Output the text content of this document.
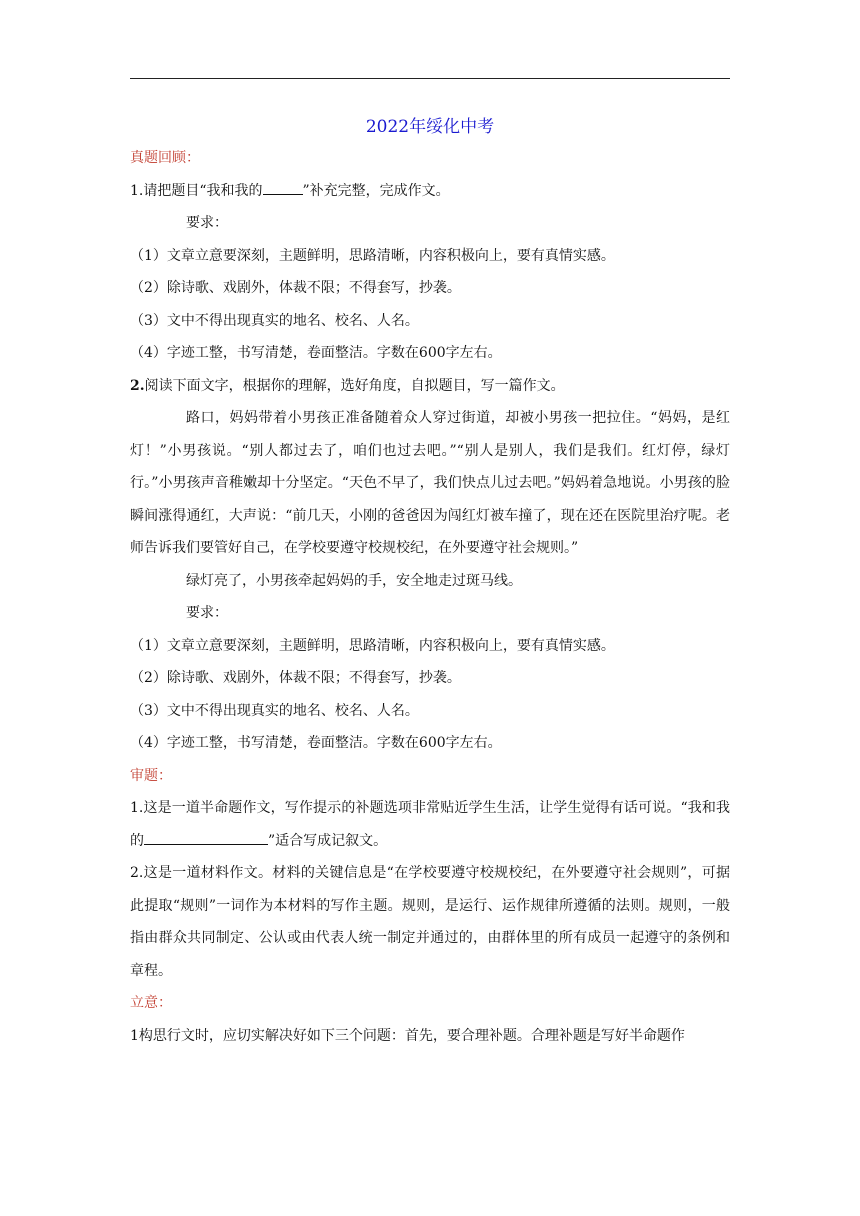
2022年绥化中考

真题回顾：

1.请把题目“我和我的	”补充完整，完成作文。

要求：

（1）文章立意要深刻，主题鲜明，思路清晰，内容积极向上，要有真情实感。

（2）除诗歌、戏剧外，体裁不限；不得套写，抄袭。

（3）文中不得出现真实的地名、校名、人名。

（4）字迹工整，书写清楚，卷面整洁。字数在600字左右。

2.阅读下面文字，根据你的理解，选好角度，自拟题目，写一篇作文。

路口，妈妈带着小男孩正准备随着众人穿过街道，却被小男孩一把拉住。“妈妈，是红灯！”小男孩说。“别人都过去了，咱们也过去吧。”“别人是别人，我们是我们。红灯停，绿灯行。”小男孩声音稚嫩却十分坚定。“天色不早了，我们快点儿过去吧。”妈妈着急地说。小男孩的脸瞬间涨得通红，大声说：“前几天，小刚的爸爸因为闯红灯被车撞了，现在还在医院里治疗呢。老师告诉我们要管好自己，在学校要遵守校规校纪，在外要遵守社会规则。”

绿灯亮了，小男孩牵起妈妈的手，安全地走过斑马线。

要求：

（1）文章立意要深刻，主题鲜明，思路清晰，内容积极向上，要有真情实感。

（2）除诗歌、戏剧外，体裁不限；不得套写，抄袭。

（3）文中不得出现真实的地名、校名、人名。

（4）字迹工整，书写清楚，卷面整洁。字数在600字左右。

审题：

1.这是一道半命题作文，写作提示的补题选项非常贴近学生生活，让学生觉得有话可说。“我和我的	”适合写成记叙文。

2.这是一道材料作文。材料的关键信息是“在学校要遵守校规校纪，在外要遵守社会规则”，可据此提取“规则”一词作为本材料的写作主题。规则，是运行、运作规律所遵循的法则。规则，一般指由群众共同制定、公认或由代表人统一制定并通过的，由群体里的所有成员一起遵守的条例和章程。

立意：

1构思行文时，应切实解决好如下三个问题：首先，要合理补题。合理补题是写好半命题作
